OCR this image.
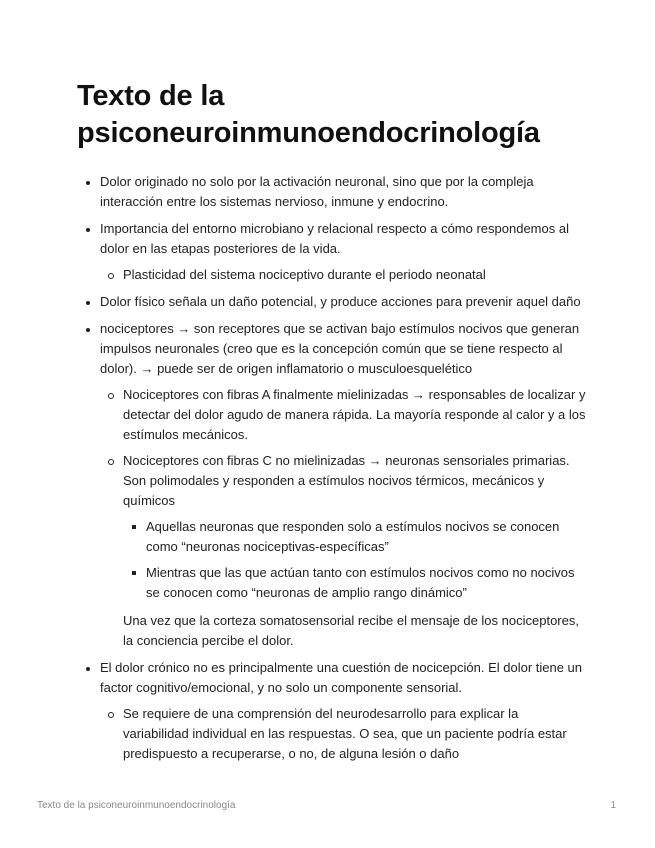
Texto de la psiconeuroinmunoendocrinología
Dolor originado no solo por la activación neuronal, sino que por la compleja interacción entre los sistemas nervioso, inmune y endocrino.
Importancia del entorno microbiano y relacional respecto a cómo respondemos al dolor en las etapas posteriores de la vida.
Plasticidad del sistema nociceptivo durante el periodo neonatal
Dolor físico señala un daño potencial, y produce acciones para prevenir aquel daño
nociceptores → son receptores que se activan bajo estímulos nocivos que generan impulsos neuronales (creo que es la concepción común que se tiene respecto al dolor). → puede ser de origen inflamatorio o musculoesquelético
Nociceptores con fibras A finalmente mielinizadas → responsables de localizar y detectar del dolor agudo de manera rápida. La mayoría responde al calor y a los estímulos mecánicos.
Nociceptores con fibras C no mielinizadas → neuronas sensoriales primarias. Son polimodales y responden a estímulos nocivos térmicos, mecánicos y químicos
Aquellas neuronas que responden solo a estímulos nocivos se conocen como “neuronas nociceptivas-específicas”
Mientras que las que actúan tanto con estímulos nocivos como no nocivos se conocen como “neuronas de amplio rango dinámico”

Una vez que la corteza somatosensorial recibe el mensaje de los nociceptores, la conciencia percibe el dolor.

El dolor crónico no es principalmente una cuestión de nocicepción. El dolor tiene un factor cognitivo/emocional, y no solo un componente sensorial.
Se requiere de una comprensión del neurodesarrollo para explicar la variabilidad individual en las respuestas. O sea, que un paciente podría estar predispuesto a recuperarse, o no, de alguna lesión o daño
Texto de la psiconeuroinmunoendocrinología	1
